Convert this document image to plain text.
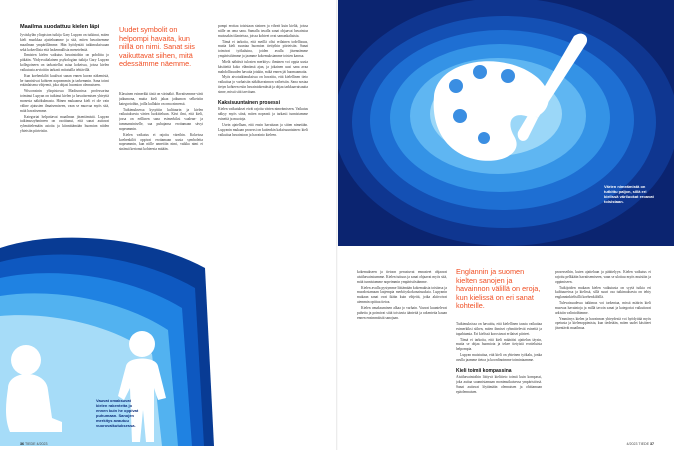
Maailma suodattuu kielen läpi

Jyväskylän yliopiston tutkija Gary Lupyan on tutkinut, miten kieli muokkaa ajatteluamme ja sitä, miten havaitsemme maailman ympärillämme. Hän hyödyntää tutkimuksissaan sekä kokeellisia että laskennallisia menetelmiä.

Ihmisten kielen vaikutus havaintoihin on pohdittu jo pitkään. Yhdysvaltalainen psykologian tutkija Gary Lupyan kollegoineen on tarkastellut asiaa kokeissa, joissa kielen vaikutusta arvioitiin tarkasti mitatuilla tehtävillä.

Kun koehenkilöt kuulivat sanan ennen kuvan näkemistä, he tunnistivat kohteen nopeammin ja tarkemmin. Sana toimi eräänlaisena vihjeenä, joka ohjasi huomion olennaiseen.

Wisconsinin yliopistossa Madisonissa professorina toiminut Lupyan on tutkinut kielen ja havaitsemisen yhteyttä monesta näkökulmasta. Hänen mukaansa kieli ei ole vain väline ajatusten ilmaisemiseen, vaan se muovaa myös sitä, mitä havaitsemme.

Kategoriat helpottavat maailman jäsentämistä. Lupyan tutkimusryhmineen on osoittanut, että sanat auttavat ryhmittelemään asioita ja kiinnittämään huomion niiden yhteisiin piirteisiin.

Uudet symbolit on helpompi havaita, kun niillä on nimi. Sanat siis vaikuttavat siihen, mitä edessämme näemme.

Klassinen esimerkki tästä on värinäkö. Havaitsemme värit jatkumona, mutta kieli jakaa jatkumon selkeisiin kategorioihin, joilla kullakin on oma nimensä.

Tutkimuksessa kysyttiin kulttuurin ja kielen vaikutuksesta värien luokitteluun. Kävi ilmi, että kieli, jossa on erillinen sana esimerkiksi vaalean- ja tummansiniselle, saa puhujansa erottamaan sävyt nopeammin.

Kielen vaikutus ei rajoitu väreihin. Kokeissa koehenkilöt oppivat erottamaan uusia symboleita nopeammin, kun niille annettiin nimi, vaikka nimi ei sinänsä kertonut kohteesta mitään.

pompi erottaa toisistaan sininen ja vihreä kuin kieliä, joissa niille on oma sana. Samalla tavalla sanat ohjaavat havaintoa muissakin tilanteissa, joissa kohteet ovat samankaltaisia.

Tämä ei tarkoita, että meillä olisi erilainen todellisuus, mutta kieli suuntaa huomion tiettyihin piirteisiin. Sanat toimivat työkaluina, joiden avulla jäsennämme ympäristöämme ja jaamme kokemuksiamme toisten kanssa.

Mielä nähtävä tulosten merkitys: ihminen voi oppia uusia käsitteitä koko elämänsä ajan, ja jokainen uusi sana avaa mahdollisuuden havaita jotakin, mikä ennen jäi huomaamatta.

Myös aivotutkimuksissa on havaittu, että kielellinen tieto vaikuttaa jo varhaisiin näköhavainnon vaiheisiin. Sana nostaa tietyn kohteen esiin havaintokentästä ja ohjaa tarkkaavaisuutta sinne, missä sitä tarvitaan.

Kaksisuuntainen prosessi

Kielen vaikutukset eivät rajoitu värien nimeämiseen. Vaikutus näkyy myös siinä, miten nopeasti ja tarkasti tunnistamme esineitä ja muotoja.

Usein ajatellaan, että ensin havaitaan ja sitten nimetään. Lupyanin mukaan prosessi on kuitenkin kaksisuuntainen: kieli vaikuttaa havaintoon ja havainto kieleen.

Vauvat omaksuvat kielen rakenteita jo ennen kuin he oppivat puhumaan. Sanojen merkitys avautuu vuorovaikutuksessa.
36 TIEDE 4/2023
Värien nimeämistä on tutkittu paljon, sillä eri kielissä väriluokat eroavat toisistaan.

kokemukseen ja tietoon perustuvat ennusteet ohjaavat aistihavaintoamme. Kielen tuttuus ja sanat ohjaavat myös sitä, mitä tunnistamme nopeimmin ympäristöstämme.

Kielen avulla pystymme liittämään kokemuksia toisiinsa ja muodostamaan laajempia merkityskokonaisuuksia. Lupyanin mukaan sanat ovat ikään kuin vihjeitä, jotka aktivoivat aiemmin opittua tietoa.

Kielen omaksuminen alkaa jo varhain. Vauvat kuuntelevat puhetta ja poimivat siitä toistuvia äänteitä ja rakenteita kauan ennen ensimmäisiä sanojaan.

Englannin ja suomen kielten sanojen ja havainnon välillä on eroja, kun kielissä on eri sanat kohteille.

Tutkimuksissa on havaittu, että kielellinen tausta vaikuttaa esimerkiksi siihen, miten ihmiset ryhmittelevät esineitä ja tapahtumia. Eri kielissä korostuvat erilaiset piirteet.

Tämä ei tarkoita, että kieli määräisi ajattelun täysin, mutta se ohjaa huomiota ja tekee tietyistä erotteluista helpompia.

Lupyan muistuttaa, että kieli on yhteinen työkalu, jonka avulla jaamme tietoa ja koordinoimme toimintaamme.

Kieli toimii kompassina

Aistihavaintoihin liittyvä kielitieto toimii kuin kompassi, joka auttaa suunnistamaan monimutkaisessa ympäristössä. Sanat auttavat löytämään olennaisen ja ohittamaan epäolennaisen.

prosesseihin, kuten ajatteluun ja päättelyyn. Kielen vaikutus ei rajoitu pelkkään havaitsemiseen, vaan se ulottuu myös muistiin ja oppimiseen.

Tutkijoiden mukaan kielen vaikutusta on syytä tutkia eri kulttuureissa ja kielissä, sillä suuri osa tutkimuksesta on tehty englanninkielisillä koehenkilöillä.

Tulevaisuudessa tutkimus voi tarkentaa, missä määrin kieli muovaa havaintoja ja millä tavoin sanat ja kategoriat vaikuttavat arkisiin valintoihimme.

Ymmärrys kielen ja havainnon yhteydestä voi hyödyttää myös opetusta ja kielenoppimista, kun tiedetään, miten uudet käsitteet jäsentävät maailmaa.

4/2023 TIEDE 37
